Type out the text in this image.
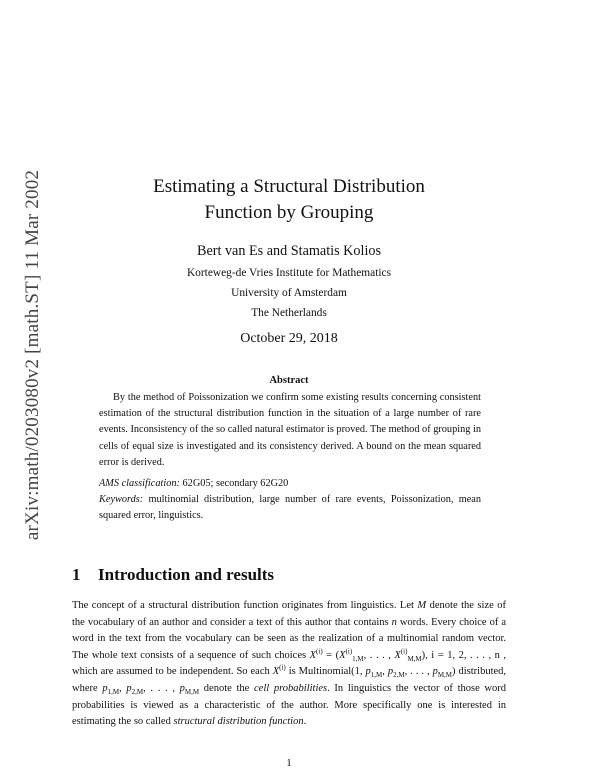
arXiv:math/0203080v2 [math.ST] 11 Mar 2002	Estimating a Structural Distribution
Function by Grouping
Bert van Es and Stamatis Kolios
Korteweg-de Vries Institute for Mathematics
University of Amsterdam
The Netherlands
October 29, 2018
Abstract

By the method of Poissonization we confirm some existing results concerning consistent estimation of the structural distribution function in the situation of a large number of rare events. Inconsistency of the so called natural estimator is proved. The method of grouping in cells of equal size is investigated and its consistency derived. A bound on the mean squared error is derived.

AMS classification: 62G05; secondary 62G20
Keywords: multinomial distribution, large number of rare events, Poissonization, mean squared error, linguistics.
1 Introduction and results

The concept of a structural distribution function originates from linguistics. Let M denote the size of the vocabulary of an author and consider a text of this author that contains n words. Every choice of a word in the text from the vocabulary can be seen as the realization of a multinomial random vector. The whole text consists of a sequence of such choices $X^{(i)} = (X^{(i)}_{1,M}$, . . . , $X^{(i)}_{M,M}$), i = 1, 2, . . . , n , which are assumed to be independent. So each $X^{(i)}$ is Multinomial(1, $p_{1,M}$, $p_{2,M}$, . . . , $p_{M,M}$) distributed, where $p_{1,M}$, $p_{2,M}$, . . . , $p_{M,M}$ denote the cell probabilities. In linguistics the vector of those word probabilities is viewed as a characteristic of the author. More specifically one is interested in estimating the so called structural distribution function.

1
